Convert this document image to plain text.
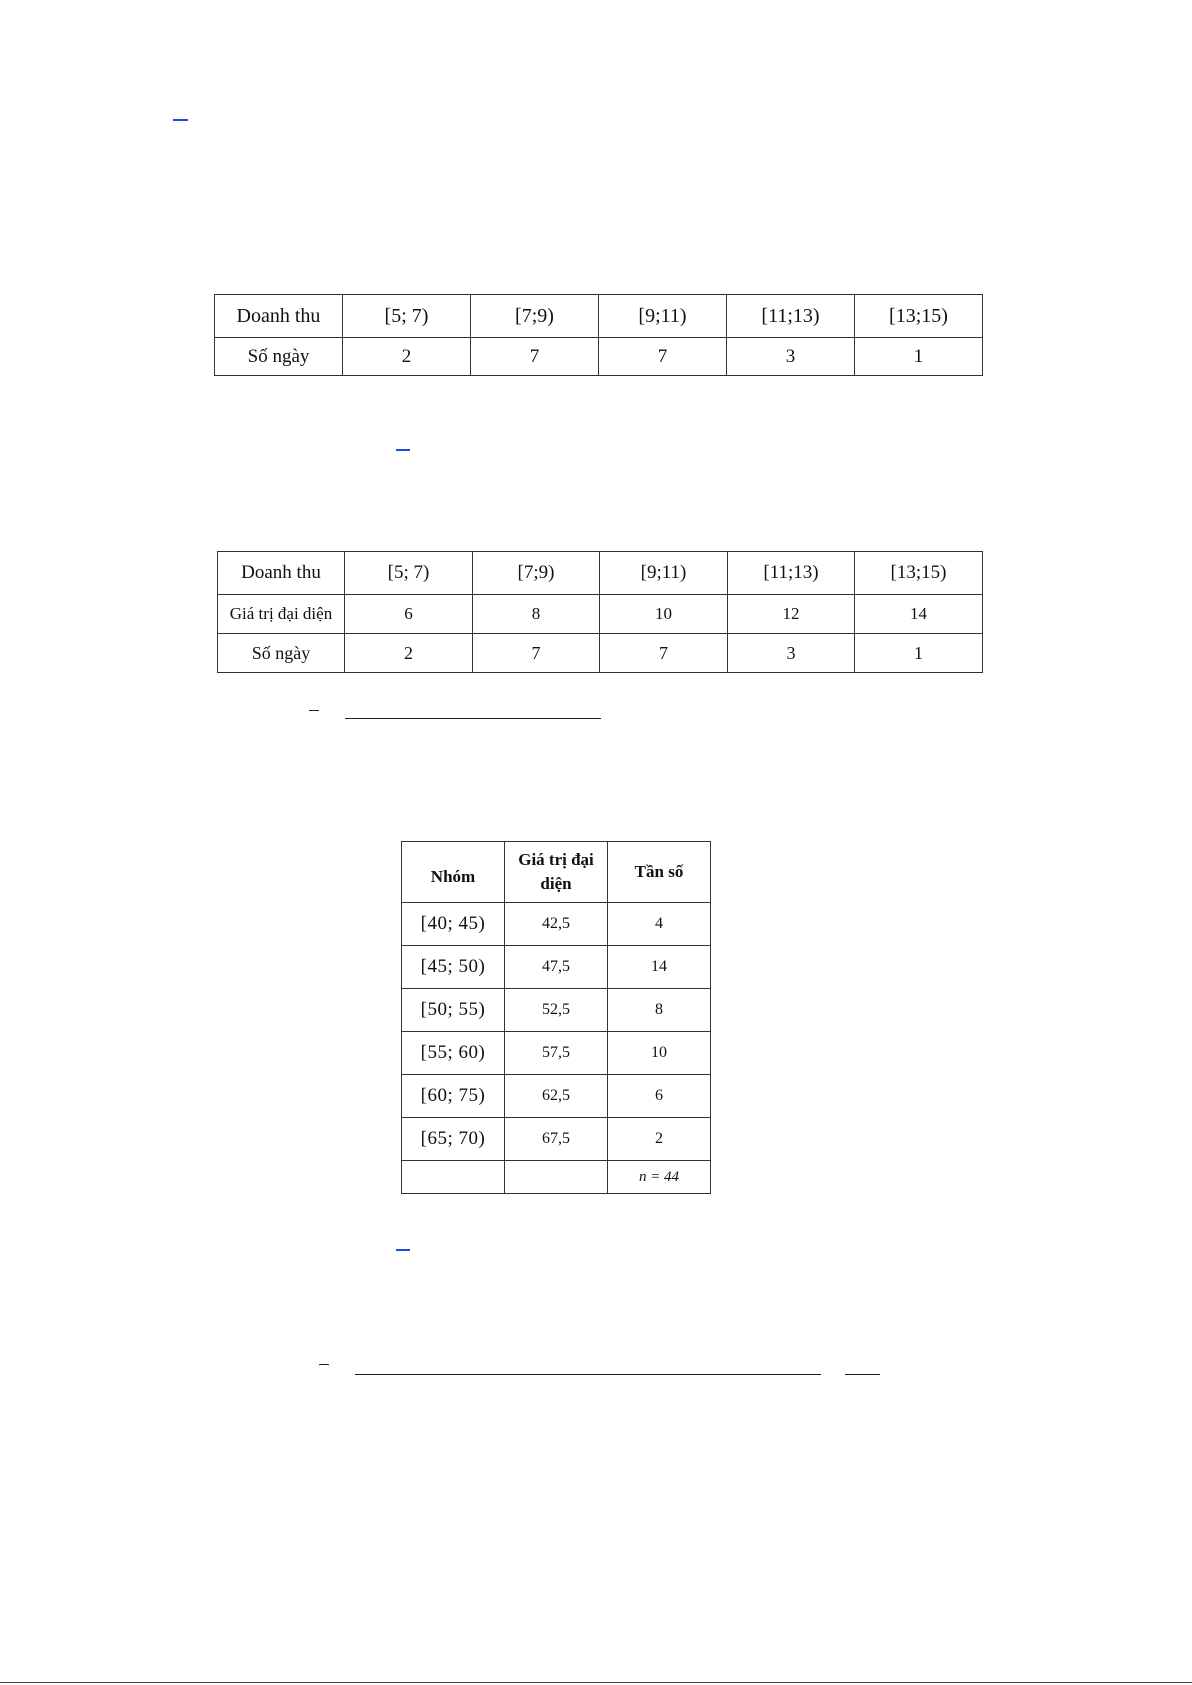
Doanh thu	[5; 7)	[7;9)	[9;11)	[11;13)	[13;15)
Số ngày	2	7	7	3	1
Doanh thu	[5; 7)	[7;9)	[9;11)	[11;13)	[13;15)
Giá trị đại diện	6	8	10	12	14
Số ngày	2	7	7	3	1
Nhóm	Giá trị đại diện	Tần số
[40; 45)	42,5	4
[45; 50)	47,5	14
[50; 55)	52,5	8
[55; 60)	57,5	10
[60; 75)	62,5	6
[65; 70)	67,5	2
		n = 44
